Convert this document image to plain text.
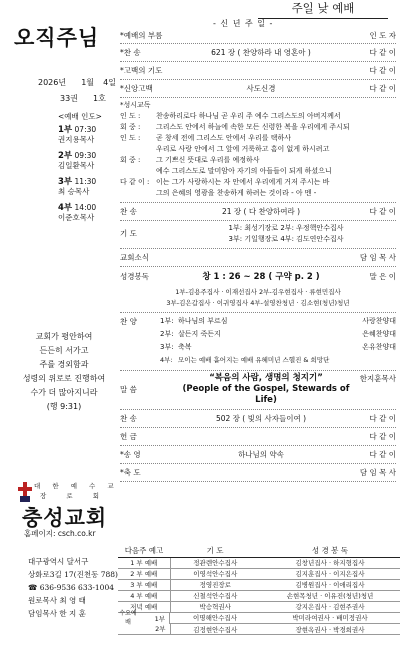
오직주님
2026년 1월 4일
33권 1호
<예배 인도>
1부 07:30
권지용목사
2부 09:30
김일환목사
3부 11:30
최 승목사
4부 14:00
이준호목사
교회가 평안하여
든든히 서가고
주를 경외함과
성령의 위로로 진행하여
수가 더 많아지니라
(행 9:31)
대 한 예 수 교
장 로 회
충성교회
홈페이지: csch.co.kr
대구광역시 달서구
상화로3길 17(진천동 788)
☎ 636-9536 633-1004
원로목사 최 영 태
담임목사 한 지 훈
주일 낮 예배
- 신 년 주 일 -
*예배의 부름	인 도 자
*찬 송	621 장 ( 찬양하라 내 영혼아 )	다 같 이
*고백의 기도	다 같 이
*신앙고백	사도신경	다 같 이
*성시교독
인 도 :	찬송하리로다 하나님 곧 우리 주 예수 그리스도의 아버지께서
회 중 :	그리스도 안에서 하늘에 속한 모든 신령한 복을 우리에게 주시되
인 도 :	곧 창세 전에 그리스도 안에서 우리를 택하사
우리로 사랑 안에서 그 앞에 거룩하고 흠이 없게 하시려고
회 중 :	그 기쁘신 뜻대로 우리를 예정하사
예수 그리스도로 말미암아 자기의 아들들이 되게 하셨으니
다 같 이 : 이는 그가 사랑하시는 자 안에서 우리에게 거저 주시는 바
그의 은혜의 영광을 찬송하게 하려는 것이라 - 아 멘 -
찬 송	21 장 ( 다 찬양하여라 )	다 같 이
기 도
1부: 최성기장로 2부: 우정핵안수집사
3부: 기일행장로 4부: 김도연안수집사
교회소식	담 임 목 사
성경봉독	창 1 : 26 ~ 28 ( 구약 p. 2 )	말 은 이
1부-김용주집사 · 이재선집사 2부-김우현집사 · 류현민집사
3부-김은갑집사 · 이귀영집사 4부-설영찬청년 · 김소현(청년)청년
찬 양	1부: 하나님의 부르심	사랑찬양대
2부: 살든지 죽든지	은혜찬양대
3부: 축복	온유찬양대
4부: 모이는 예배 흩어지는 예배 유혜미년 스헬진 & 희망단
말 씀
“복음의 사람, 생명의 청지기”
(People of the Gospel, Stewards of Life)
한지훈목사
찬 송	502 장 ( 빛의 사자들이여 )	다 같 이
헌 금	다 같 이
*송 영	하나님의 약속	다 같 이
*축 도	담 임 목 사
다음주 예고	기 도	성 경 봉 독
1 부 예배	정관렌안수집사	김창년집사 · 하지형집사
2 부 예배	이영석안수집사	김지훈집사 · 이지은집사
3 부 예배	정영진장로	김병원집사 · 이애리집사
4 부 예배	신철석안수집사	손현목청년 · 이유진(청년)청년
저녁 예배	박승혁권사	강지은집사 · 김현주권사

수요예배	1부	이명해안수집사	박미라여권사 · 배미정권사
2부	김정현안수집사	장현옥권사 · 박경희권사
